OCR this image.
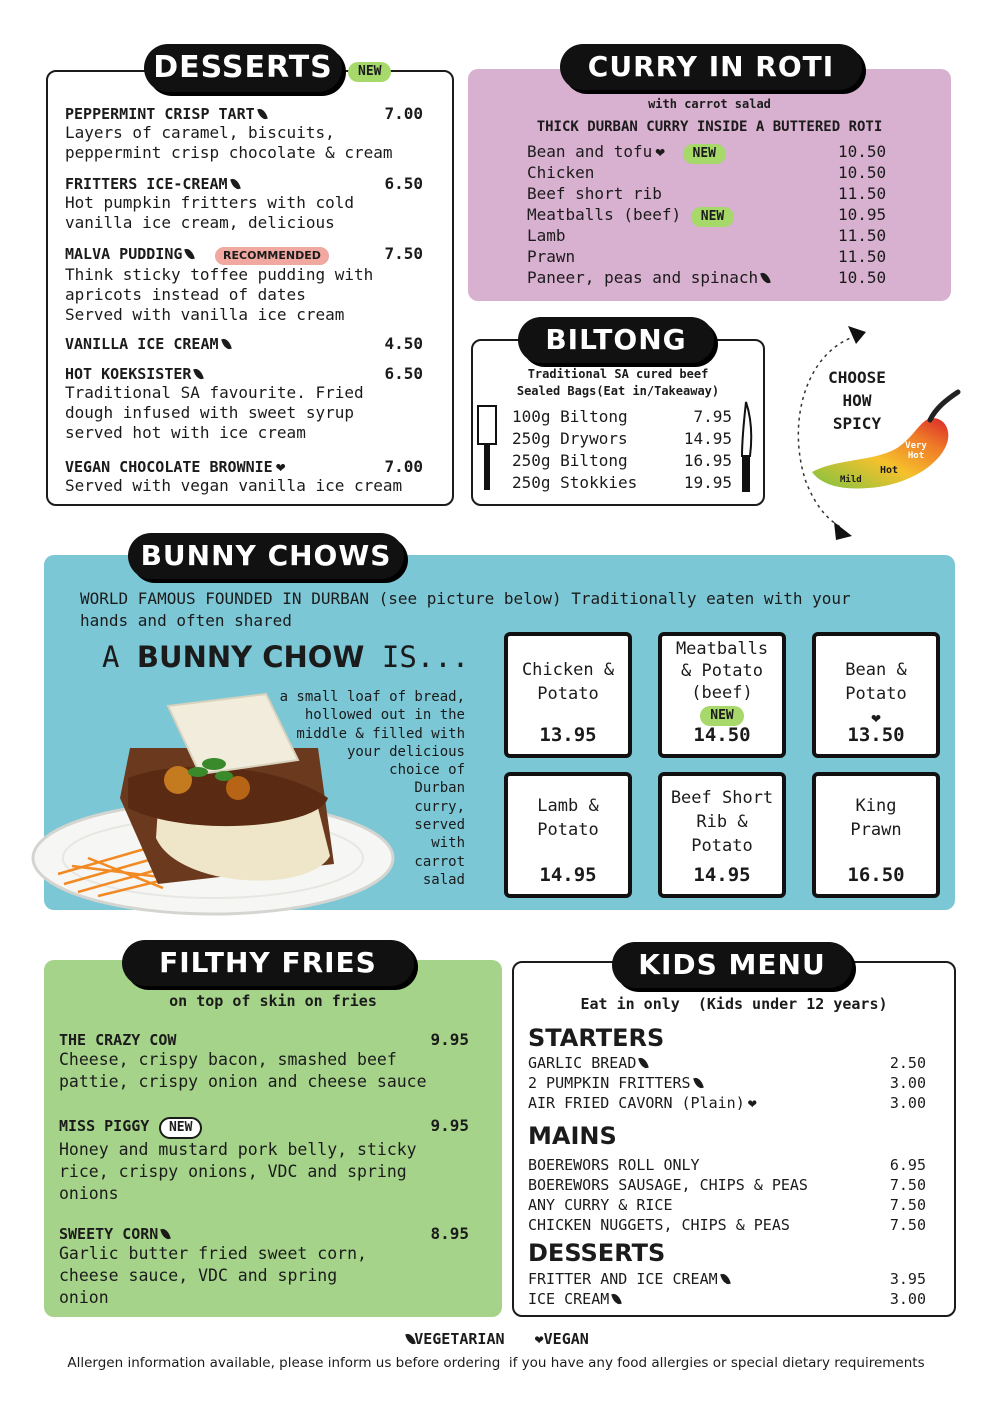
DESSERTS	NEW
PEPPERMINT CRISP TART	7.00
Layers of caramel, biscuits,
peppermint crisp chocolate & cream
FRITTERS ICE-CREAM	6.50
Hot pumpkin fritters with cold
vanilla ice cream, delicious
MALVA PUDDING	RECOMMENDED	7.50
Think sticky toffee pudding with
apricots instead of dates
Served with vanilla ice cream
VANILLA ICE CREAM	4.50
HOT KOEKSISTER	6.50
Traditional SA favourite. Fried
dough infused with sweet syrup
served hot with ice cream
VEGAN CHOCOLATE BROWNIE ❤	7.00
Served with vegan vanilla ice cream
CURRY IN ROTI
with carrot salad
THICK DURBAN CURRY INSIDE A BUTTERED ROTI
Bean and tofu ❤ NEW	10.50
Chicken	10.50
Beef short rib	11.50
Meatballs (beef) NEW	10.95
Lamb	11.50
Prawn	11.50
Paneer, peas and spinach	10.50
BILTONG
Traditional SA cured beef
Sealed Bags(Eat in/Takeaway)
100g Biltong	7.95
250g Drywors	14.95
250g Biltong	16.95
250g Stokkies	19.95
CHOOSE
HOW
SPICY
Mild
Hot
Very Hot
BUNNY CHOWS
WORLD FAMOUS FOUNDED IN DURBAN (see picture below) Traditionally eaten with your
hands and often shared
A BUNNY CHOW IS...
a small loaf of bread,
hollowed out in the
middle & filled with
your delicious
choice of
Durban
curry,
served
with
carrot
salad
Chicken & Potato
13.95
Meatballs & Potato (beef)
NEW
14.50
Bean & Potato
❤
13.50
Lamb & Potato
14.95
Beef Short Rib & Potato
14.95
King Prawn
16.50
FILTHY FRIES
on top of skin on fries
THE CRAZY COW	9.95
Cheese, crispy bacon, smashed beef
pattie, crispy onion and cheese sauce
MISS PIGGY NEW	9.95
Honey and mustard pork belly, sticky
rice, crispy onions, VDC and spring
onions
SWEETY CORN	8.95
Garlic butter fried sweet corn,
cheese sauce, VDC and spring
onion
KIDS MENU
Eat in only  (Kids under 12 years)
STARTERS
GARLIC BREAD	2.50
2 PUMPKIN FRITTERS	3.00
AIR FRIED CAVORN (Plain) ❤	3.00
MAINS
BOEREWORS ROLL ONLY	6.95
BOEREWORS SAUSAGE, CHIPS & PEAS	7.50
ANY CURRY & RICE	7.50
CHICKEN NUGGETS, CHIPS & PEAS	7.50
DESSERTS
FRITTER AND ICE CREAM	3.95
ICE CREAM	3.00
VEGETARIAN ❤VEGAN
Allergen information available, please inform us before ordering  if you have any food allergies or special dietary requirements
